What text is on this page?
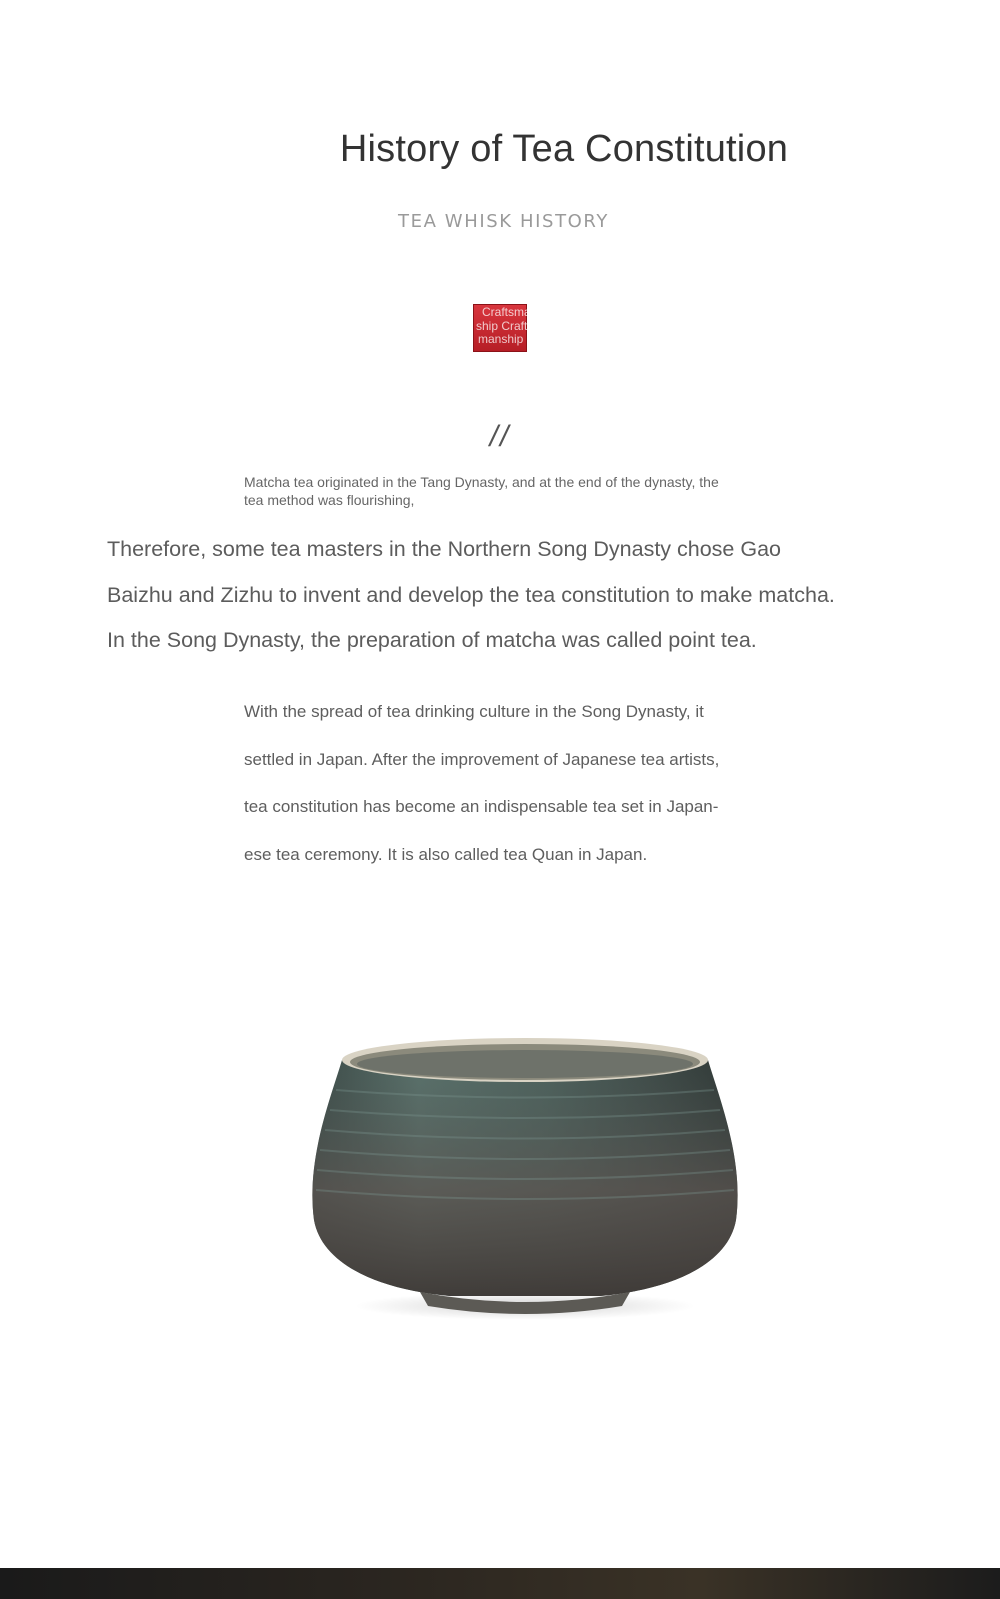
History of Tea Constitution
TEA WHISK HISTORY
Craftsman-
ship Crafts-
manship
//
Matcha tea originated in the Tang Dynasty, and at the end of the dynasty, the
tea method was flourishing,
Therefore, some tea masters in the Northern Song Dynasty chose Gao
Baizhu and Zizhu to invent and develop the tea constitution to make matcha.
In the Song Dynasty, the preparation of matcha was called point tea.
With the spread of tea drinking culture in the Song Dynasty, it
settled in Japan. After the improvement of Japanese tea artists,
tea constitution has become an indispensable tea set in Japan-
ese tea ceremony. It is also called tea Quan in Japan.
